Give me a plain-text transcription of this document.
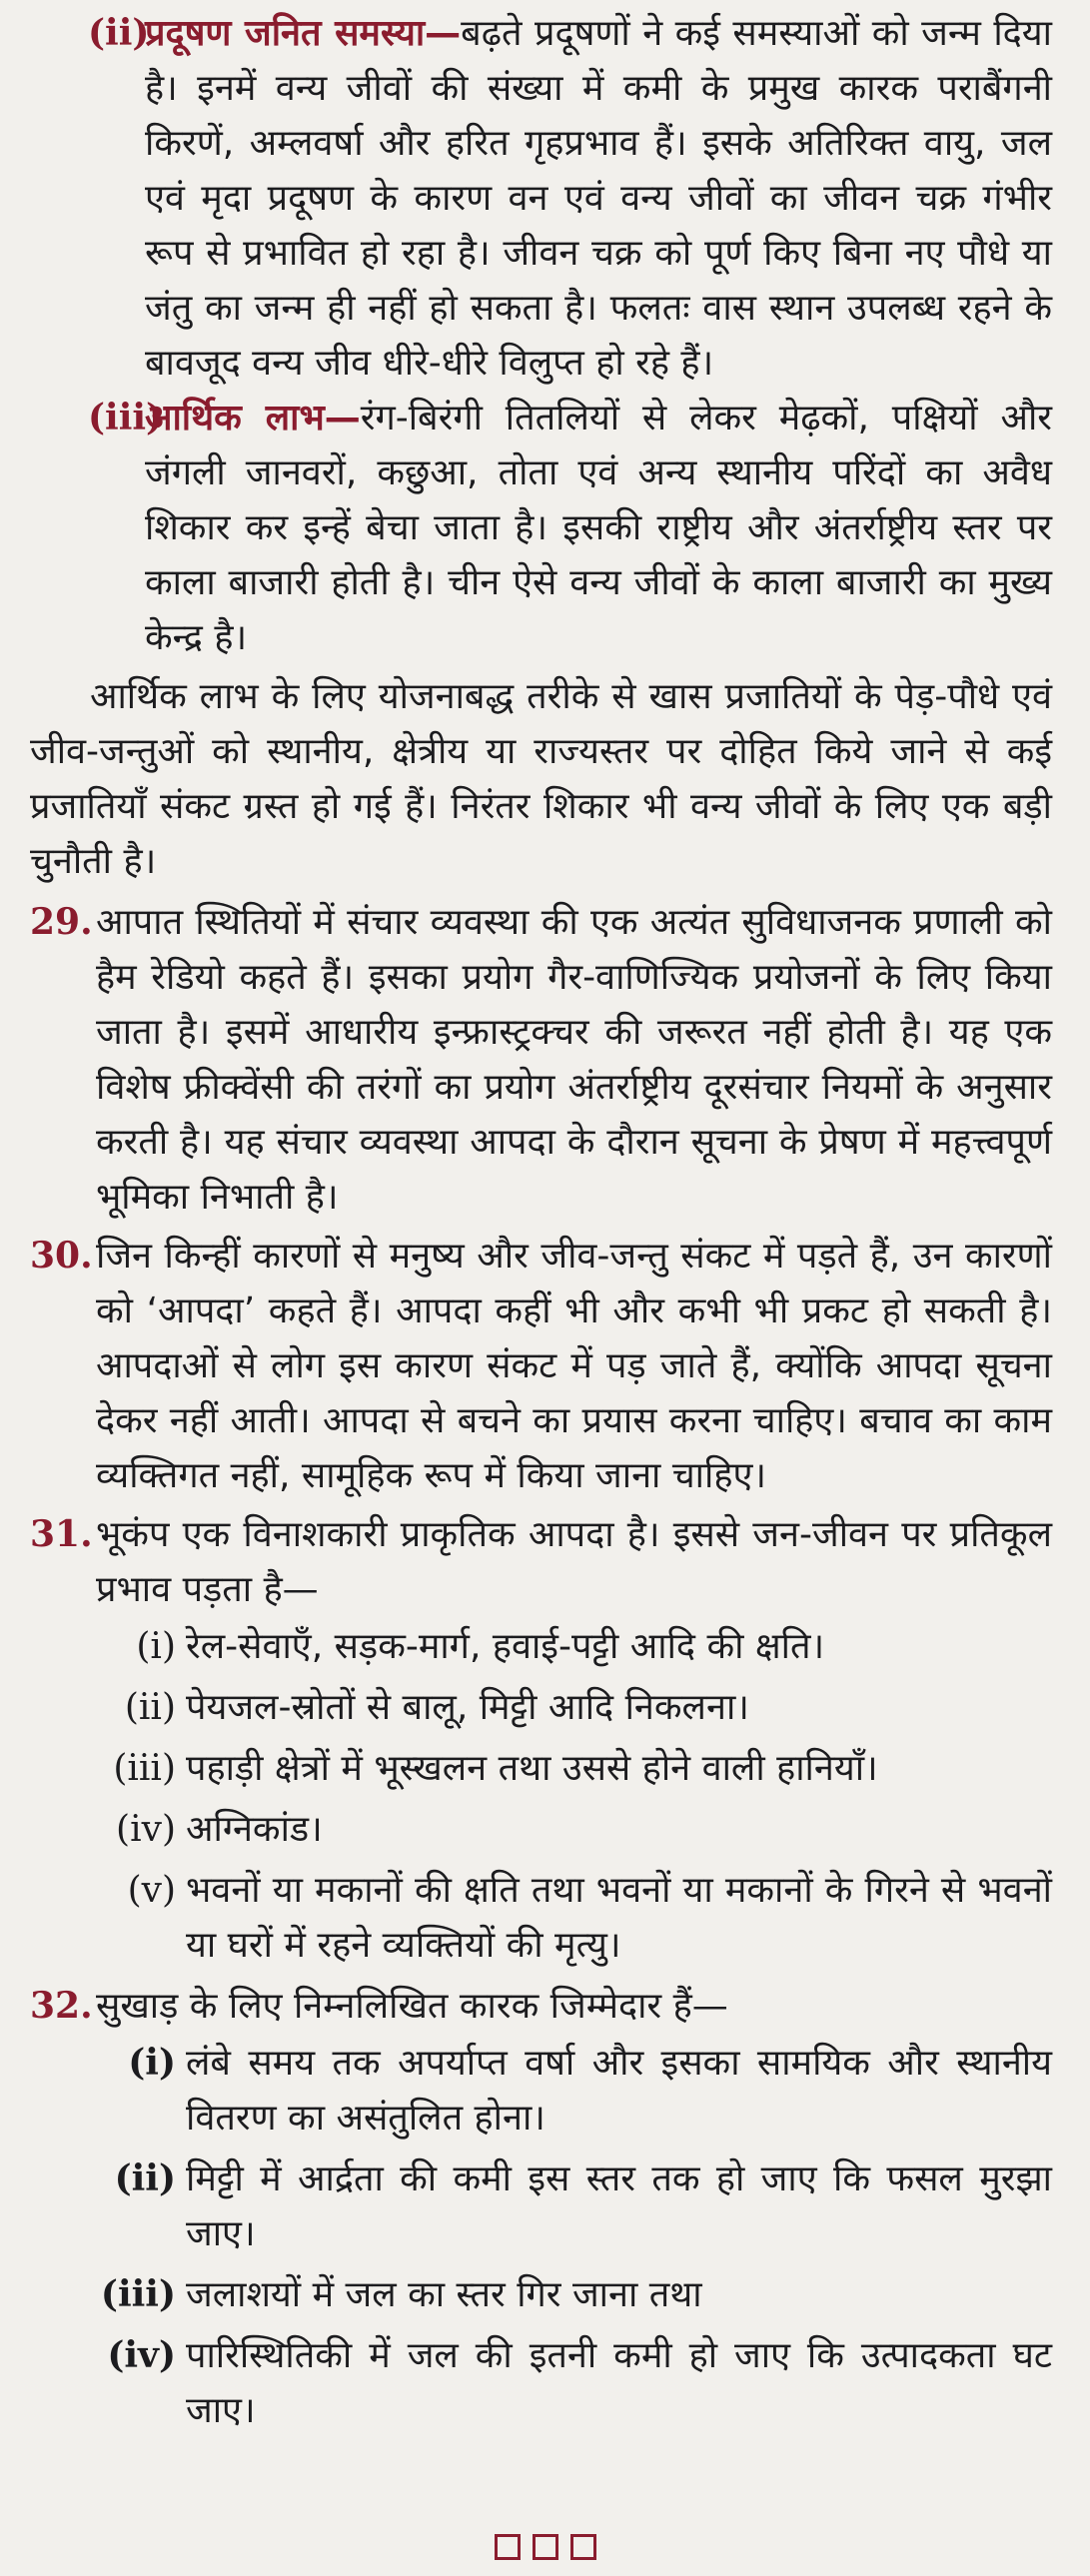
(ii)
प्रदूषण जनित समस्या—बढ़ते प्रदूषणों ने कई समस्याओं को जन्म दिया है। इनमें वन्य जीवों की संख्या में कमी के प्रमुख कारक पराबैंगनी किरणें, अम्लवर्षा और हरित गृहप्रभाव हैं। इसके अतिरिक्त वायु, जल एवं मृदा प्रदूषण के कारण वन एवं वन्य जीवों का जीवन चक्र गंभीर रूप से प्रभावित हो रहा है। जीवन चक्र को पूर्ण किए बिना नए पौधे या जंतु का जन्म ही नहीं हो सकता है। फलतः वास स्थान उपलब्ध रहने के बावजूद वन्य जीव धीरे-धीरे विलुप्त हो रहे हैं।
(iii)
आर्थिक लाभ—रंग-बिरंगी तितलियों से लेकर मेढ़कों, पक्षियों और जंगली जानवरों, कछुआ, तोता एवं अन्य स्थानीय परिंदों का अवैध शिकार कर इन्हें बेचा जाता है। इसकी राष्ट्रीय और अंतर्राष्ट्रीय स्तर पर काला बाजारी होती है। चीन ऐसे वन्य जीवों के काला बाजारी का मुख्य केन्द्र है।

आर्थिक लाभ के लिए योजनाबद्ध तरीके से खास प्रजातियों के पेड़-पौधे एवं जीव-जन्तुओं को स्थानीय, क्षेत्रीय या राज्यस्तर पर दोहित किये जाने से कई प्रजातियाँ संकट ग्रस्त हो गई हैं। निरंतर शिकार भी वन्य जीवों के लिए एक बड़ी चुनौती है।

29. आपात स्थितियों में संचार व्यवस्था की एक अत्यंत सुविधाजनक प्रणाली को हैम रेडियो कहते हैं। इसका प्रयोग गैर-वाणिज्यिक प्रयोजनों के लिए किया जाता है। इसमें आधारीय इन्फ्रास्ट्रक्चर की जरूरत नहीं होती है। यह एक विशेष फ्रीक्वेंसी की तरंगों का प्रयोग अंतर्राष्ट्रीय दूरसंचार नियमों के अनुसार करती है। यह संचार व्यवस्था आपदा के दौरान सूचना के प्रेषण में महत्त्वपूर्ण भूमिका निभाती है।
30. जिन किन्हीं कारणों से मनुष्य और जीव-जन्तु संकट में पड़ते हैं, उन कारणों को ‘आपदा’ कहते हैं। आपदा कहीं भी और कभी भी प्रकट हो सकती है। आपदाओं से लोग इस कारण संकट में पड़ जाते हैं, क्योंकि आपदा सूचना देकर नहीं आती। आपदा से बचने का प्रयास करना चाहिए। बचाव का काम व्यक्तिगत नहीं, सामूहिक रूप में किया जाना चाहिए।
31. भूकंप एक विनाशकारी प्राकृतिक आपदा है। इससे जन-जीवन पर प्रतिकूल प्रभाव पड़ता है—
(i) रेल-सेवाएँ, सड़क-मार्ग, हवाई-पट्टी आदि की क्षति।
(ii) पेयजल-स्रोतों से बालू, मिट्टी आदि निकलना।
(iii) पहाड़ी क्षेत्रों में भूस्खलन तथा उससे होने वाली हानियाँ।
(iv) अग्निकांड।
(v) भवनों या मकानों की क्षति तथा भवनों या मकानों के गिरने से भवनों या घरों में रहने व्यक्तियों की मृत्यु।
32. सुखाड़ के लिए निम्नलिखित कारक जिम्मेदार हैं—
(i) लंबे समय तक अपर्याप्त वर्षा और इसका सामयिक और स्थानीय वितरण का असंतुलित होना।
(ii) मिट्टी में आर्द्रता की कमी इस स्तर तक हो जाए कि फसल मुरझा जाए।
(iii) जलाशयों में जल का स्तर गिर जाना तथा
(iv) पारिस्थितिकी में जल की इतनी कमी हो जाए कि उत्पादकता घट जाए।
